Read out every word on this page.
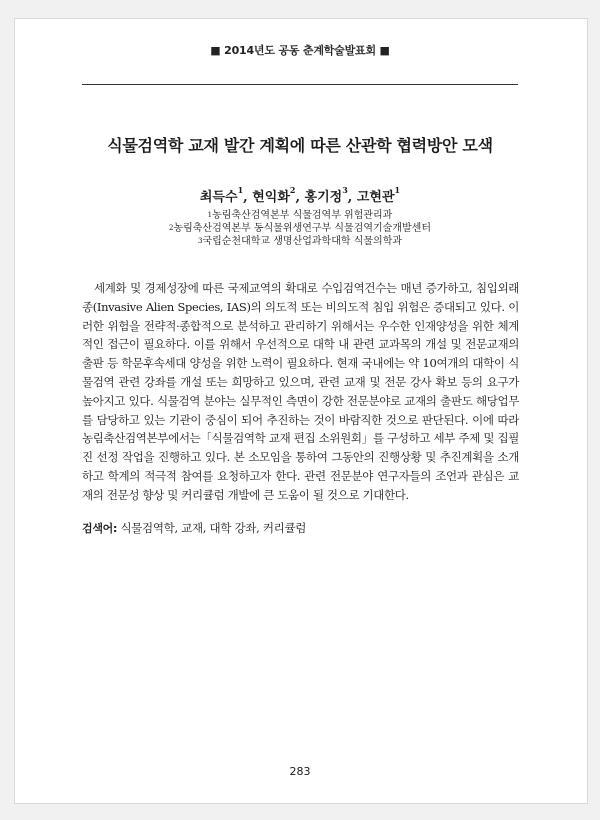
■ 2014년도 공동 춘계학술발표회 ■
식물검역학 교재 발간 계획에 따른 산관학 협력방안 모색
최득수$^1$, 현익화$^2$, 홍기정$^3$, 고현관$^1$
$^1$농림축산검역본부 식물검역부 위험관리과
$^2$농림축산검역본부 동식물위생연구부 식물검역기술개발센터
$^3$국립순천대학교 생명산업과학대학 식물의학과

세계화 및 경제성장에 따른 국제교역의 확대로 수입검역건수는 매년 증가하고, 침입외래종(Invasive Alien Species, IAS)의 의도적 또는 비의도적 침입 위험은 증대되고 있다. 이러한 위험을 전략적·종합적으로 분석하고 관리하기 위해서는 우수한 인재양성을 위한 체계적인 접근이 필요하다. 이를 위해서 우선적으로 대학 내 관련 교과목의 개설 및 전문교재의 출판 등 학문후속세대 양성을 위한 노력이 필요하다. 현재 국내에는 약 10여개의 대학이 식물검역 관련 강좌를 개설 또는 희망하고 있으며, 관련 교재 및 전문 강사 확보 등의 요구가 높아지고 있다. 식물검역 분야는 실무적인 측면이 강한 전문분야로 교재의 출판도 해당업무를 담당하고 있는 기관이 중심이 되어 추진하는 것이 바람직한 것으로 판단된다. 이에 따라 농림축산검역본부에서는「식물검역학 교재 편집 소위원회」를 구성하고 세부 주제 및 집필진 선정 작업을 진행하고 있다. 본 소모임을 통하여 그동안의 진행상황 및 추진계획을 소개하고 학계의 적극적 참여를 요청하고자 한다. 관련 전문분야 연구자들의 조언과 관심은 교재의 전문성 향상 및 커리큘럼 개발에 큰 도움이 될 것으로 기대한다.

검색어: 식물검역학, 교재, 대학 강좌, 커리큘럼
283
